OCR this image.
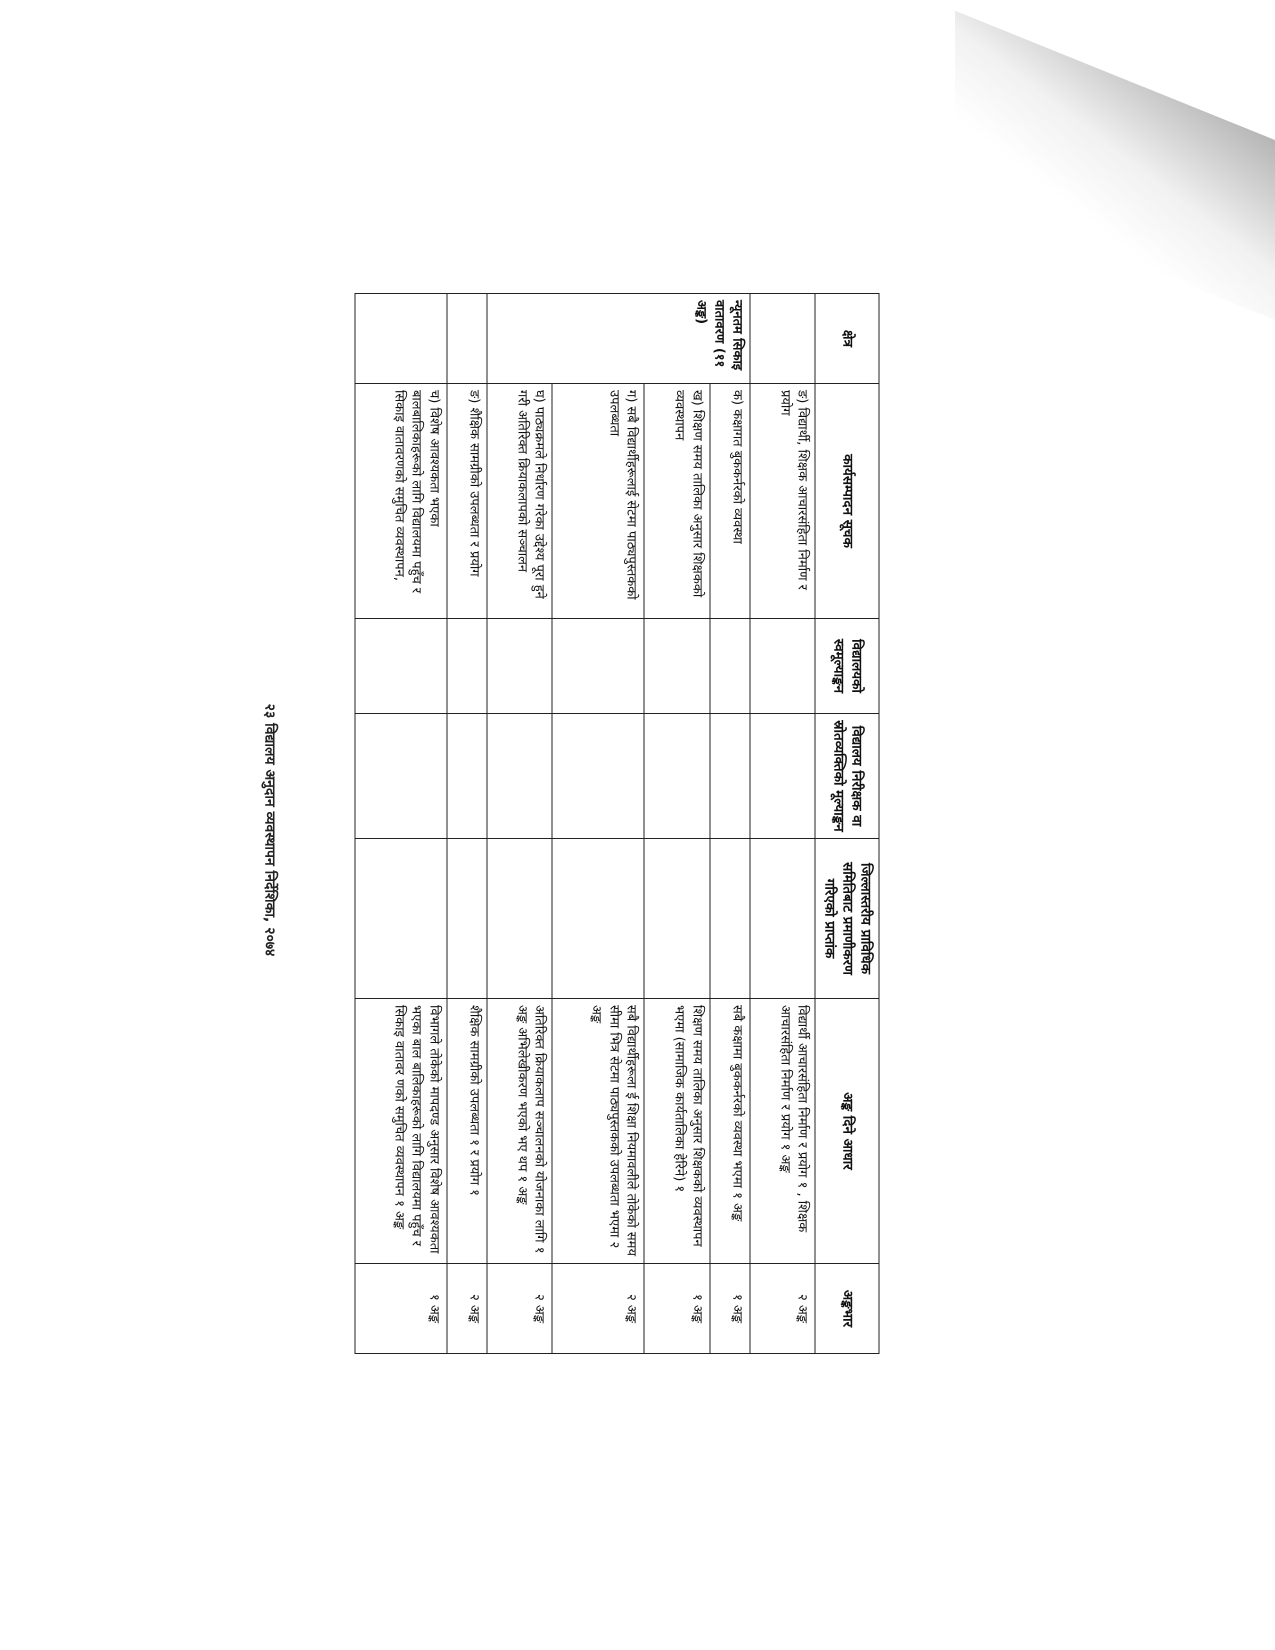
२३ विद्यालय अनुदान व्यवस्थापन निर्देशिका, २०७४
क्षेत्र	कार्यसम्पादन सूचक	विद्यालयको स्वमूल्याङ्कन	विद्यालय निरीक्षक वा स्रोतव्यक्तिको मूल्याङ्कन	जिल्लास्तरीय प्राविधिक समितिबाट प्रमाणीकरण गरिएको प्राप्तांक	अङ्क दिने आधार	अङ्कभार
	ङ) विद्यार्थी, शिक्षक आचारसंहिता निर्माण र प्रयोग				विद्यार्थी आचारसंहिता निर्माण र प्रयोग १ , शिक्षक आचारसंहिता निर्माण र प्रयोग १ अङ्क	२ अङ्क
न्यूनतम सिकाइ वातावरण (११ अङ्क)	क) कक्षागत बुककर्नरको व्यवस्था				सबै कक्षामा बुककर्नरको व्यवस्था भएमा १ अङ्क	१ अङ्क
	ख) शिक्षण समय तालिका अनुसार शिक्षकको व्यवस्थापन				शिक्षण समय तालिका अनुसार शिक्षकको व्यवस्थापन भएमा (सामाजिक कार्यतालिका हेरिने) १	१ अङ्क
	ग) सबै विद्यार्थीहरूलाई सेटमा पाठ्यपुस्तकको उपलब्धता				सबै विद्यार्थीहरूला ई शिक्षा नियमावलीले तोकेको समय सीमा भित्र सेटमा पाठ्यपुस्तकको उपलब्धता भएमा २ अङ्क	२ अङ्क
	घ) पाठ्यक्रमले निर्धारण गरेका उद्देश्य पूरा हुने गरी अतिरिक्त क्रियाकलापको सञ्चालन				अतिरिक्त क्रियाकलाप सञ्चालनको योजनाका लागि १ अङ्क अभिलेखीकरण भएको भए थप १ अङ्क	२ अङ्क
	ङ) शैक्षिक सामग्रीको उपलब्धता र प्रयोग				शैक्षिक सामग्रीको उपलब्धता १ र प्रयोग १	२ अङ्क
	च) विशेष आवश्यकता भएका बालबालिकाहरूको लागि विद्यालयमा पहुँच र सिकाइ वातावरणको समुचित व्यवस्थापन,				विभागले तोकेको मापदण्ड अनुसार विशेष आवश्यकता भएका बाल बालिकाहरूको लागि विद्यालयमा पहुँच र सिकाइ वातावर णको समुचित व्यवस्थापन १ अङ्क	१ अङ्क
